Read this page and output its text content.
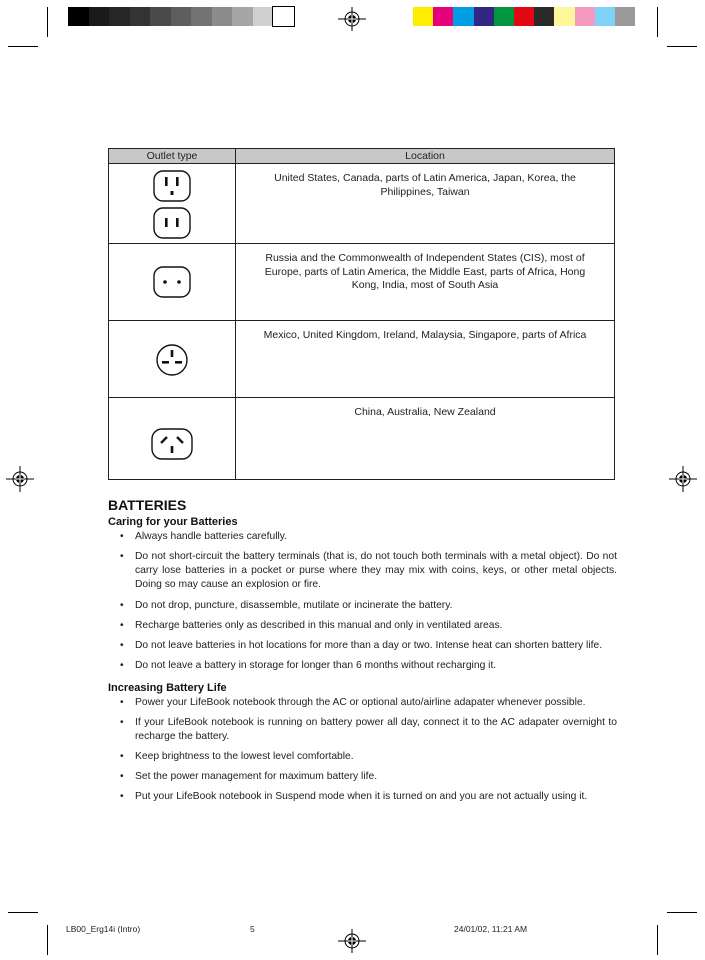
Outlet type	Location

	United States, Canada, parts of Latin America, Japan, Korea, the Philippines, Taiwan
	Russia and the Commonwealth of Independent States (CIS), most of Europe, parts of Latin America, the Middle East, parts of Africa, Hong Kong, India, most of South Asia
	Mexico, United Kingdom, Ireland, Malaysia, Singapore, parts of Africa
	China, Australia, New Zealand
BATTERIES
Caring for your Batteries
• Always handle batteries carefully.
• Do not short-circuit the battery terminals (that is, do not touch both terminals with a metal object). Do not carry lose batteries in a pocket or purse where they may mix with coins, keys, or other metal objects. Doing so may cause an explosion or fire.
• Do not drop, puncture, disassemble, mutilate or incinerate the battery.
• Recharge batteries only as described in this manual and only in ventilated areas.
• Do not leave batteries in hot locations for more than a day or two. Intense heat can shorten battery life.
• Do not leave a battery in storage for longer than 6 months without recharging it.
Increasing Battery Life
• Power your LifeBook notebook through the AC or optional auto/airline adapater whenever possible.
• If your LifeBook notebook is running on battery power all day, connect it to the AC adapater overnight to recharge the battery.
• Keep brightness to the lowest level comfortable.
• Set the power management for maximum battery life.
• Put your LifeBook notebook in Suspend mode when it is turned on and you are not actually using it.
LB00_Erg14i (Intro)	5	24/01/02, 11:21 AM
